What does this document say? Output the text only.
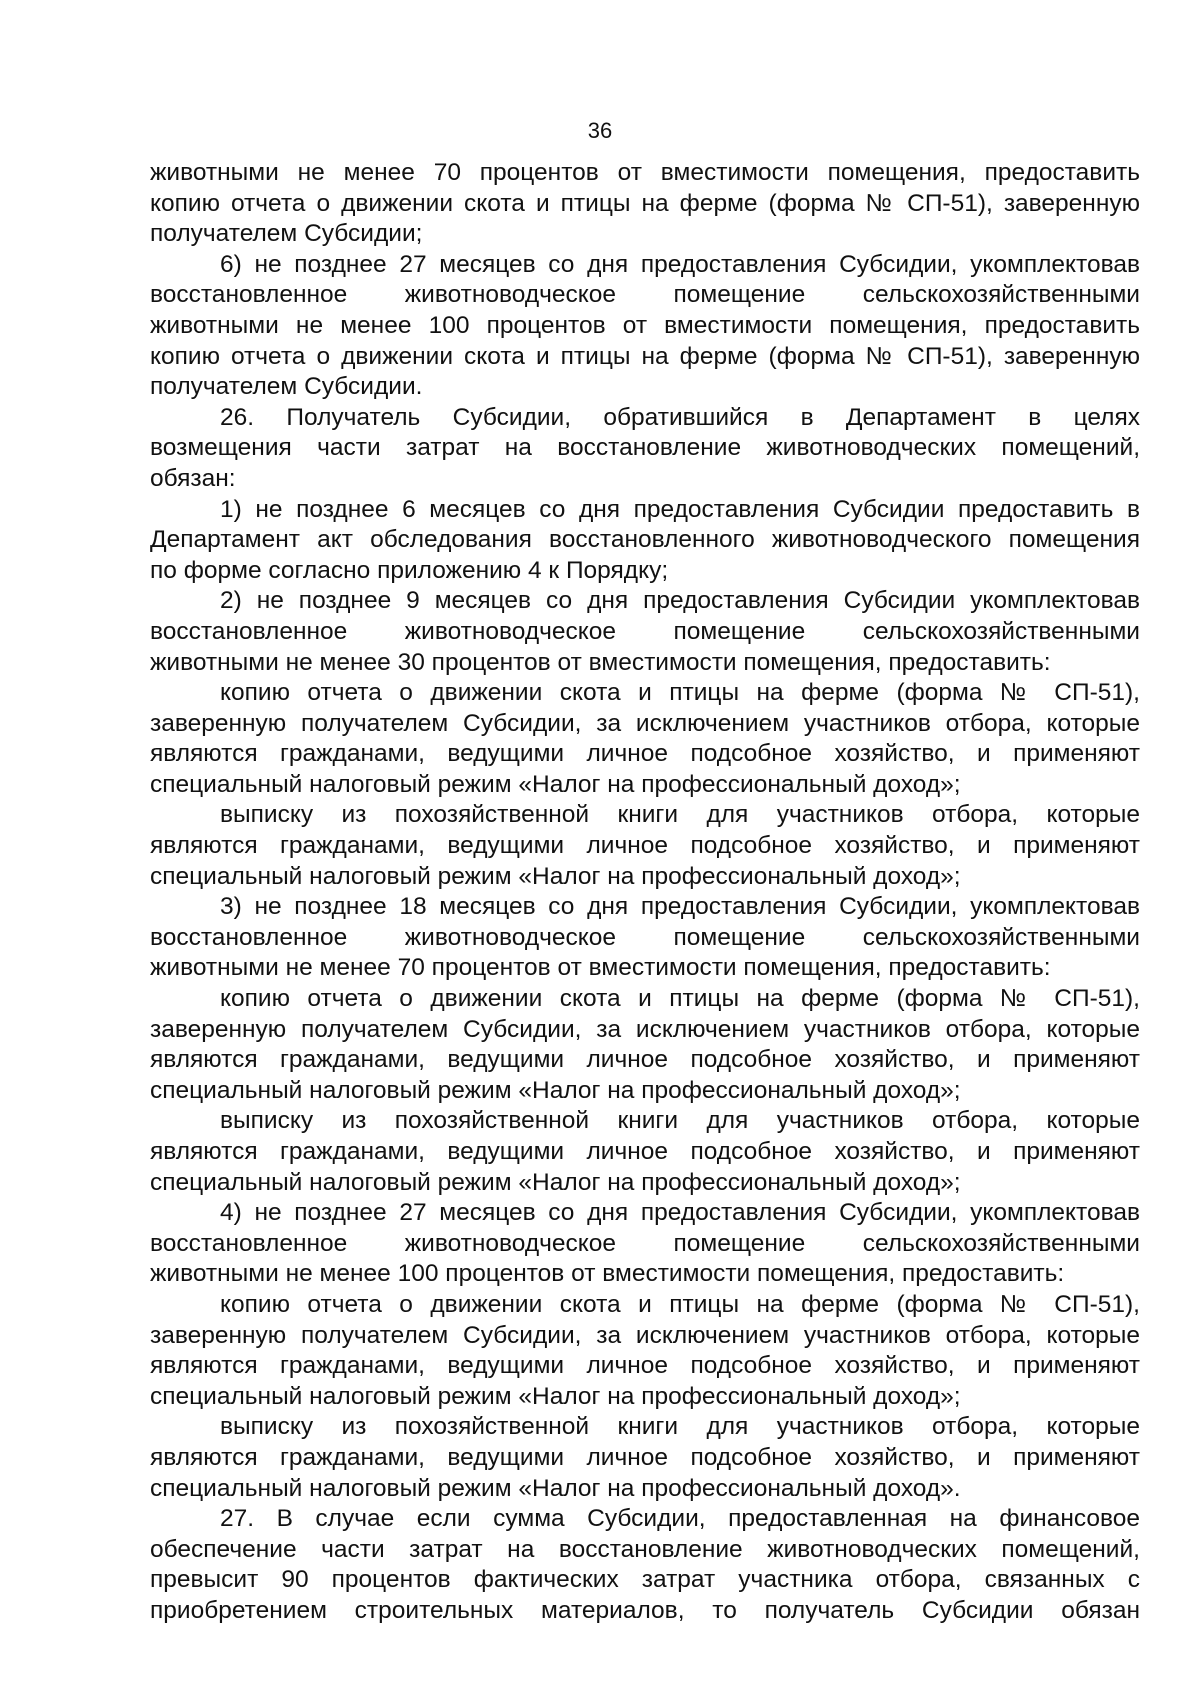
36
животными не менее 70 процентов от вместимости помещения, предоставить
копию отчета о движении скота и птицы на ферме (форма № СП-51), заверенную
получателем Субсидии;
6) не позднее 27 месяцев со дня предоставления Субсидии, укомплектовав
восстановленное животноводческое помещение сельскохозяйственными
животными не менее 100 процентов от вместимости помещения, предоставить
копию отчета о движении скота и птицы на ферме (форма № СП-51), заверенную
получателем Субсидии.
26. Получатель Субсидии, обратившийся в Департамент в целях
возмещения части затрат на восстановление животноводческих помещений,
обязан:
1) не позднее 6 месяцев со дня предоставления Субсидии предоставить в
Департамент акт обследования восстановленного животноводческого помещения
по форме согласно приложению 4 к Порядку;
2) не позднее 9 месяцев со дня предоставления Субсидии укомплектовав
восстановленное животноводческое помещение сельскохозяйственными
животными не менее 30 процентов от вместимости помещения, предоставить:
копию отчета о движении скота и птицы на ферме (форма № СП-51),
заверенную получателем Субсидии, за исключением участников отбора, которые
являются гражданами, ведущими личное подсобное хозяйство, и применяют
специальный налоговый режим «Налог на профессиональный доход»;
выписку из похозяйственной книги для участников отбора, которые
являются гражданами, ведущими личное подсобное хозяйство, и применяют
специальный налоговый режим «Налог на профессиональный доход»;
3) не позднее 18 месяцев со дня предоставления Субсидии, укомплектовав
восстановленное животноводческое помещение сельскохозяйственными
животными не менее 70 процентов от вместимости помещения, предоставить:
копию отчета о движении скота и птицы на ферме (форма № СП-51),
заверенную получателем Субсидии, за исключением участников отбора, которые
являются гражданами, ведущими личное подсобное хозяйство, и применяют
специальный налоговый режим «Налог на профессиональный доход»;
выписку из похозяйственной книги для участников отбора, которые
являются гражданами, ведущими личное подсобное хозяйство, и применяют
специальный налоговый режим «Налог на профессиональный доход»;
4) не позднее 27 месяцев со дня предоставления Субсидии, укомплектовав
восстановленное животноводческое помещение сельскохозяйственными
животными не менее 100 процентов от вместимости помещения, предоставить:
копию отчета о движении скота и птицы на ферме (форма № СП-51),
заверенную получателем Субсидии, за исключением участников отбора, которые
являются гражданами, ведущими личное подсобное хозяйство, и применяют
специальный налоговый режим «Налог на профессиональный доход»;
выписку из похозяйственной книги для участников отбора, которые
являются гражданами, ведущими личное подсобное хозяйство, и применяют
специальный налоговый режим «Налог на профессиональный доход».
27. В случае если сумма Субсидии, предоставленная на финансовое
обеспечение части затрат на восстановление животноводческих помещений,
превысит 90 процентов фактических затрат участника отбора, связанных с
приобретением строительных материалов, то получатель Субсидии обязан
